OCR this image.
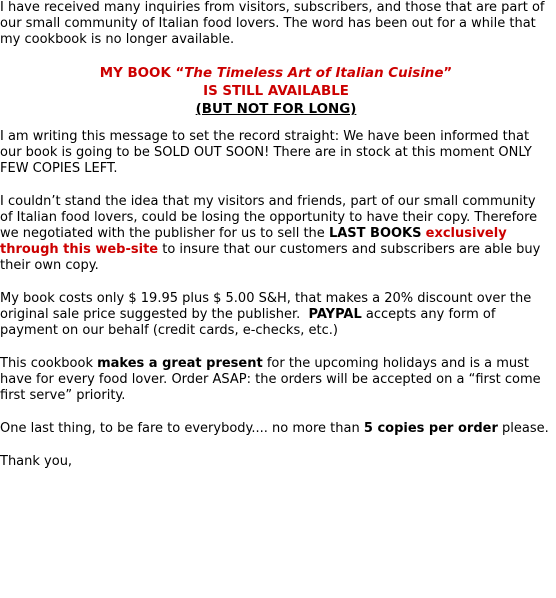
I have received many inquiries from visitors, subscribers, and those that are part of our small community of Italian food lovers. The word has been out for a while that my cookbook is no longer available.

MY BOOK “The Timeless Art of Italian Cuisine”
IS STILL AVAILABLE
(BUT NOT FOR LONG)

I am writing this message to set the record straight: We have been informed that our book is going to be SOLD OUT SOON! There are in stock at this moment ONLY FEW COPIES LEFT.

I couldn’t stand the idea that my visitors and friends, part of our small community of Italian food lovers, could be losing the opportunity to have their copy. Therefore we negotiated with the publisher for us to sell the LAST BOOKS exclusively through this web-site to insure that our customers and subscribers are able buy their own copy.

My book costs only $ 19.95 plus $ 5.00 S&H, that makes a 20% discount over the original sale price suggested by the publisher.  PAYPAL accepts any form of payment on our behalf (credit cards, e-checks, etc.)

This cookbook makes a great present for the upcoming holidays and is a must have for every food lover. Order ASAP: the orders will be accepted on a “first come first serve” priority.

One last thing, to be fare to everybody.... no more than 5 copies per order please.

Thank you,
